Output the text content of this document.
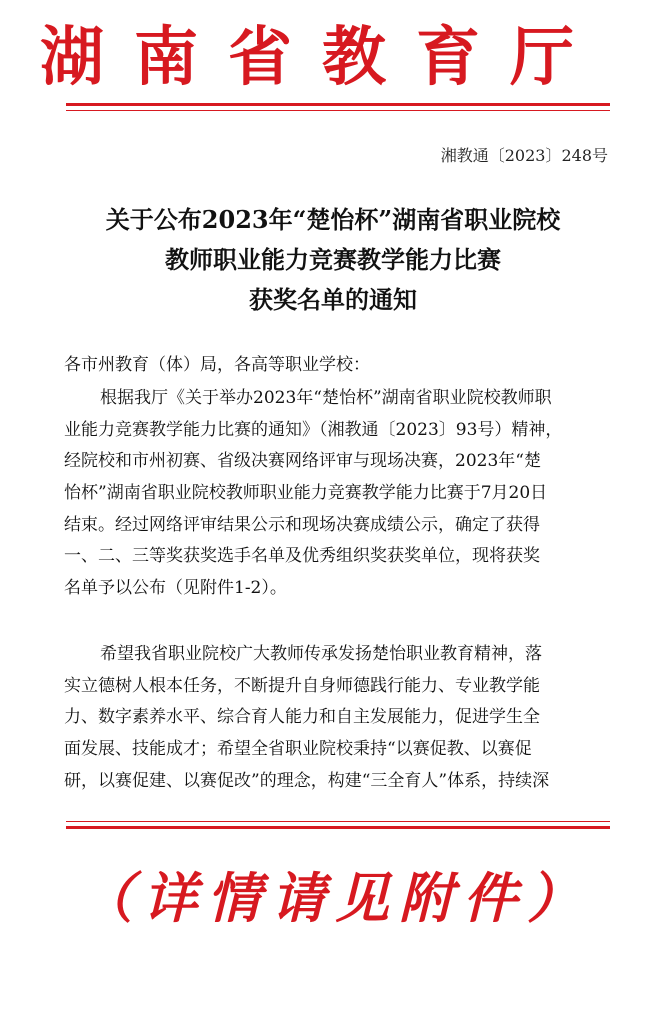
湖南省教育厅
湘教通〔2023〕248号
关于公布2023年“楚怡杯”湖南省职业院校
教师职业能力竞赛教学能力比赛
获奖名单的通知
各市州教育（体）局，各高等职业学校：
根据我厅《关于举办2023年“楚怡杯”湖南省职业院校教师职
业能力竞赛教学能力比赛的通知》（湘教通〔2023〕93号）精神，
经院校和市州初赛、省级决赛网络评审与现场决赛，2023年“楚
怡杯”湖南省职业院校教师职业能力竞赛教学能力比赛于7月20日
结束。经过网络评审结果公示和现场决赛成绩公示，确定了获得
一、二、三等奖获奖选手名单及优秀组织奖获奖单位，现将获奖
名单予以公布（见附件1-2）。
希望我省职业院校广大教师传承发扬楚怡职业教育精神，落
实立德树人根本任务，不断提升自身师德践行能力、专业教学能
力、数字素养水平、综合育人能力和自主发展能力，促进学生全
面发展、技能成才；希望全省职业院校秉持“以赛促教、以赛促
研，以赛促建、以赛促改”的理念，构建“三全育人”体系，持续深
（详情请见附件）
